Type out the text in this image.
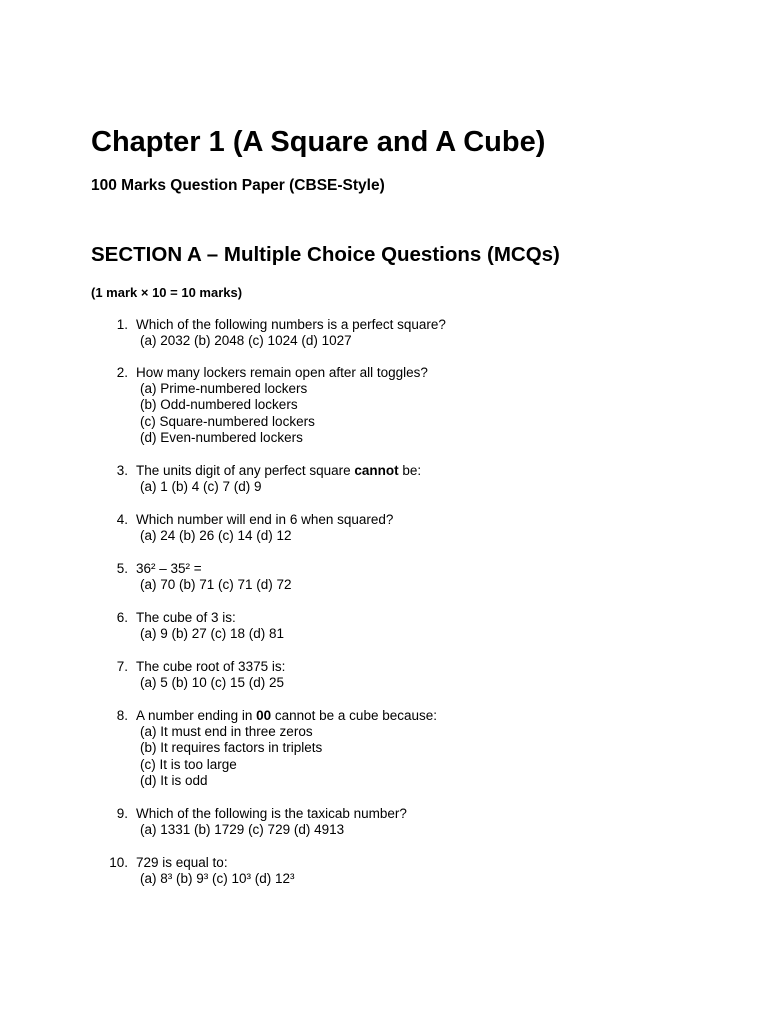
Chapter 1 (A Square and A Cube)
100 Marks Question Paper (CBSE-Style)
SECTION A – Multiple Choice Questions (MCQs)

(1 mark × 10 = 10 marks)

1. Which of the following numbers is a perfect square?
(a) 2032 (b) 2048 (c) 1024 (d) 1027
2. How many lockers remain open after all toggles?
(a) Prime-numbered lockers
(b) Odd-numbered lockers
(c) Square-numbered lockers
(d) Even-numbered lockers
3. The units digit of any perfect square cannot be:
(a) 1 (b) 4 (c) 7 (d) 9
4. Which number will end in 6 when squared?
(a) 24 (b) 26 (c) 14 (d) 12
5. 36² – 35² =
(a) 70 (b) 71 (c) 71 (d) 72
6. The cube of 3 is:
(a) 9 (b) 27 (c) 18 (d) 81
7. The cube root of 3375 is:
(a) 5 (b) 10 (c) 15 (d) 25
8. A number ending in 00 cannot be a cube because:
(a) It must end in three zeros
(b) It requires factors in triplets
(c) It is too large
(d) It is odd
9. Which of the following is the taxicab number?
(a) 1331 (b) 1729 (c) 729 (d) 4913
10. 729 is equal to:
(a) 8³ (b) 9³ (c) 10³ (d) 12³
